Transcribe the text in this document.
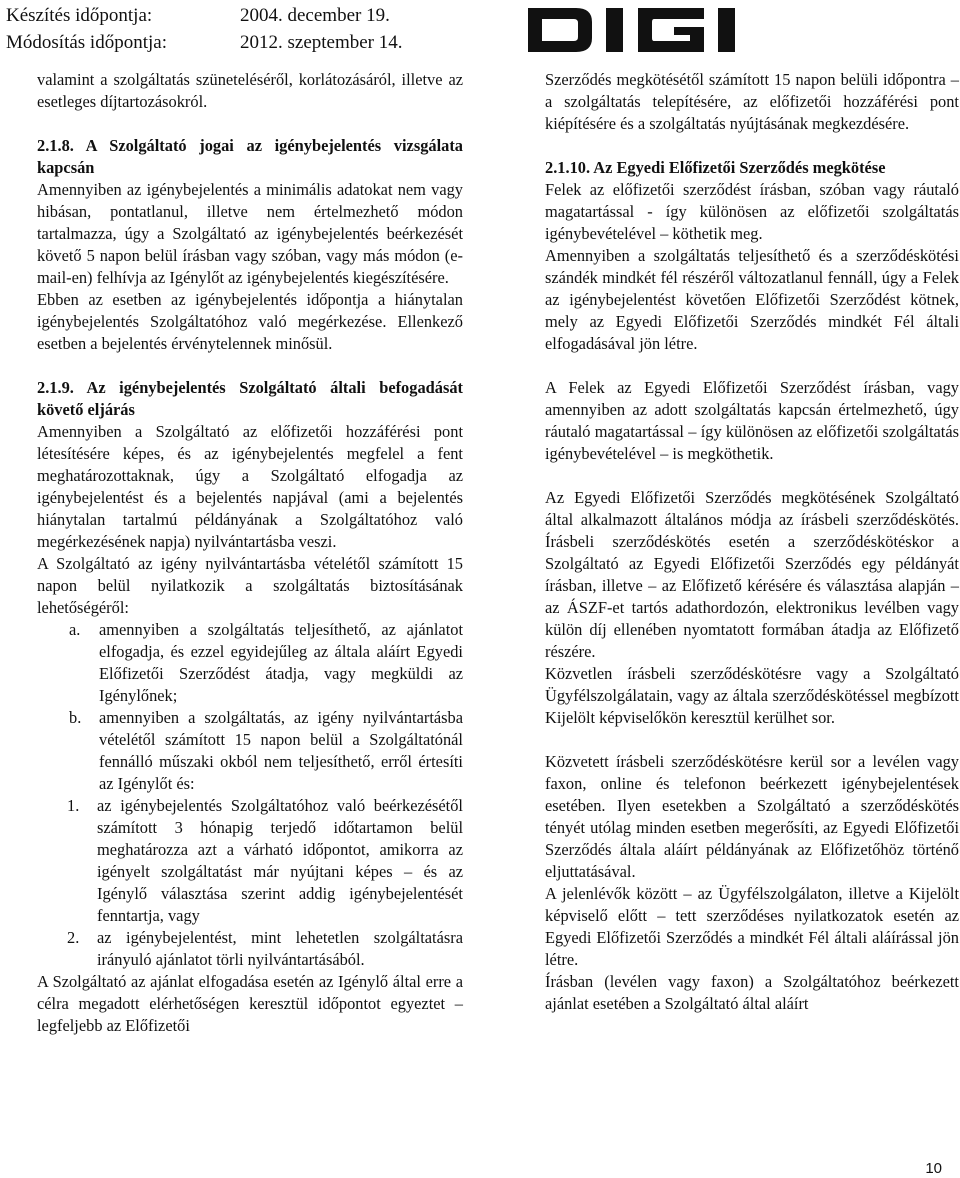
Készítés időpontja:	2004. december 19.
Módosítás időpontja:	2012. szeptember 14.

valamint a szolgáltatás szüneteléséről, korlátozásáról, illetve az esetleges díjtartozásokról.

2.1.8. A Szolgáltató jogai az igénybejelentés vizsgálata kapcsán

Amennyiben az igénybejelentés a minimális adatokat nem vagy hibásan, pontatlanul, illetve nem értelmezhető módon tartalmazza, úgy a Szolgáltató az igénybejelentés beérkezését követő 5 napon belül írásban vagy szóban, vagy más módon (e-mail-en) felhívja az Igénylőt az igénybejelentés kiegészítésére.

Ebben az esetben az igénybejelentés időpontja a hiánytalan igénybejelentés Szolgáltatóhoz való megérkezése. Ellenkező esetben a bejelentés érvénytelennek minősül.

2.1.9. Az igénybejelentés Szolgáltató általi befogadását követő eljárás

Amennyiben a Szolgáltató az előfizetői hozzáférési pont létesítésére képes, és az igénybejelentés megfelel a fent meghatározottaknak, úgy a Szolgáltató elfogadja az igénybejelentést és a bejelentés napjával (ami a bejelentés hiánytalan tartalmú példányának a Szolgáltatóhoz való megérkezésének napja) nyilvántartásba veszi.

A Szolgáltató az igény nyilvántartásba vételétől számított 15 napon belül nyilatkozik a szolgáltatás biztosításának lehetőségéről:

a.	amennyiben a szolgáltatás teljesíthető, az ajánlatot elfogadja, és ezzel egyidejűleg az általa aláírt Egyedi Előfizetői Szerződést átadja, vagy megküldi az Igénylőnek;
b.	amennyiben a szolgáltatás, az igény nyilvántartásba vételétől számított 15 napon belül a Szolgáltatónál fennálló műszaki okból nem teljesíthető, erről értesíti az Igénylőt és:
1.	az igénybejelentés Szolgáltatóhoz való beérkezésétől számított 3 hónapig terjedő időtartamon belül meghatározza azt a várható időpontot, amikorra az igényelt szolgáltatást már nyújtani képes – és az Igénylő választása szerint addig igénybejelentését fenntartja, vagy
2.	az igénybejelentést, mint lehetetlen szolgáltatásra irányuló ajánlatot törli nyilvántartásából.

A Szolgáltató az ajánlat elfogadása esetén az Igénylő által erre a célra megadott elérhetőségen keresztül időpontot egyeztet – legfeljebb az Előfizetői

Szerződés megkötésétől számított 15 napon belüli időpontra – a szolgáltatás telepítésére, az előfizetői hozzáférési pont kiépítésére és a szolgáltatás nyújtásának megkezdésére.

2.1.10. Az Egyedi Előfizetői Szerződés megkötése

Felek az előfizetői szerződést írásban, szóban vagy ráutaló magatartással - így különösen az előfizetői szolgáltatás igénybevételével – köthetik meg.

Amennyiben a szolgáltatás teljesíthető és a szerződéskötési szándék mindkét fél részéről változatlanul fennáll, úgy a Felek az igénybejelentést követően Előfizetői Szerződést kötnek, mely az Egyedi Előfizetői Szerződés mindkét Fél általi elfogadásával jön létre.

A Felek az Egyedi Előfizetői Szerződést írásban, vagy amennyiben az adott szolgáltatás kapcsán értelmezhető, úgy ráutaló magatartással – így különösen az előfizetői szolgáltatás igénybevételével – is megköthetik.

Az Egyedi Előfizetői Szerződés megkötésének Szolgáltató által alkalmazott általános módja az írásbeli szerződéskötés. Írásbeli szerződéskötés esetén a szerződéskötéskor a Szolgáltató az Egyedi Előfizetői Szerződés egy példányát írásban, illetve – az Előfizető kérésére és választása alapján – az ÁSZF-et tartós adathordozón, elektronikus levélben vagy külön díj ellenében nyomtatott formában átadja az Előfizető részére.

Közvetlen írásbeli szerződéskötésre vagy a Szolgáltató Ügyfélszolgálatain, vagy az általa szerződéskötéssel megbízott Kijelölt képviselőkön keresztül kerülhet sor.

Közvetett írásbeli szerződéskötésre kerül sor a levélen vagy faxon, online és telefonon beérkezett igénybejelentések esetében. Ilyen esetekben a Szolgáltató a szerződéskötés tényét utólag minden esetben megerősíti, az Egyedi Előfizetői Szerződés általa aláírt példányának az Előfizetőhöz történő eljuttatásával.

A jelenlévők között – az Ügyfélszolgálaton, illetve a Kijelölt képviselő előtt – tett szerződéses nyilatkozatok esetén az Egyedi Előfizetői Szerződés a mindkét Fél általi aláírással jön létre.

Írásban (levélen vagy faxon) a Szolgáltatóhoz beérkezett ajánlat esetében a Szolgáltató által aláírt

10
